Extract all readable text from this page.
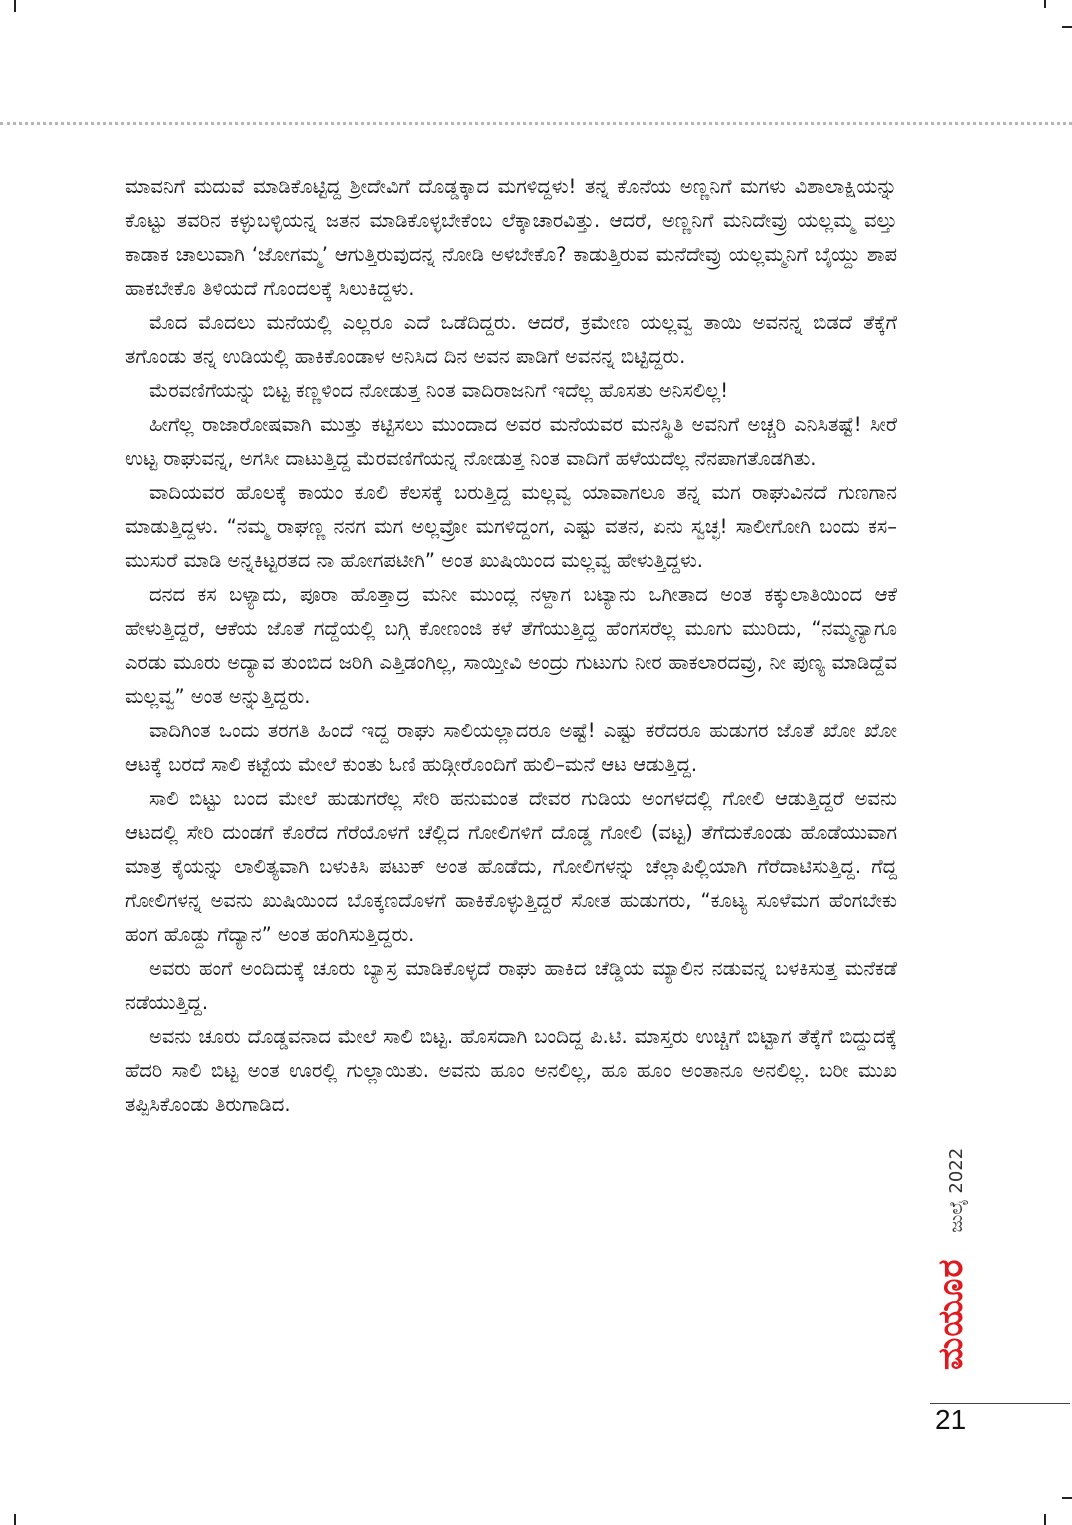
ಮಾವನಿಗೆ ಮದುವೆ ಮಾಡಿಕೊಟ್ಟಿದ್ದ ಶ್ರೀದೇವಿಗೆ ದೊಡ್ಡಕ್ಕಾದ ಮಗಳಿದ್ದಳು! ತನ್ನ ಕೊನೆಯ ಅಣ್ಣನಿಗೆ ಮಗಳು ವಿಶಾಲಾಕ್ಷಿಯನ್ನು ಕೊಟ್ಟು ತವರಿನ ಕಳ್ಳುಬಳ್ಳಿಯನ್ನ ಜತನ ಮಾಡಿಕೊಳ್ಳಬೇಕೆಂಬ ಲೆಕ್ಕಾಚಾರವಿತ್ತು. ಆದರೆ, ಅಣ್ಣನಿಗೆ ಮನಿದೇವ್ರು ಯಲ್ಲಮ್ಮ ವಲ್ತು ಕಾಡಾಕ ಚಾಲುವಾಗಿ ‘ಜೋಗಮ್ಮ’ ಆಗುತ್ತಿರುವುದನ್ನ ನೋಡಿ ಅಳಬೇಕೊ? ಕಾಡುತ್ತಿರುವ ಮನೆದೇವ್ರು ಯಲ್ಲಮ್ಮನಿಗೆ ಬೈಯ್ದು ಶಾಪ ಹಾಕಬೇಕೊ ತಿಳಿಯದೆ ಗೊಂದಲಕ್ಕೆ ಸಿಲುಕಿದ್ದಳು.

ಮೊದ ಮೊದಲು ಮನೆಯಲ್ಲಿ ಎಲ್ಲರೂ ಎದೆ ಒಡೆದಿದ್ದರು. ಆದರೆ, ಕ್ರಮೇಣ ಯಲ್ಲವ್ವ ತಾಯಿ ಅವನನ್ನ ಬಿಡದೆ ತೆಕ್ಕೆಗೆ ತಗೊಂಡು ತನ್ನ ಉಡಿಯಲ್ಲಿ ಹಾಕಿಕೊಂಡಾಳ ಅನಿಸಿದ ದಿನ ಅವನ ಪಾಡಿಗೆ ಅವನನ್ನ ಬಿಟ್ಟಿದ್ದರು.

ಮೆರವಣಿಗೆಯನ್ನು ಬಿಟ್ಟ ಕಣ್ಣಳಿಂದ ನೋಡುತ್ತ ನಿಂತ ವಾದಿರಾಜನಿಗೆ ಇದೆಲ್ಲ ಹೊಸತು ಅನಿಸಲಿಲ್ಲ!

ಹೀಗೆಲ್ಲ ರಾಜಾರೋಷವಾಗಿ ಮುತ್ತು ಕಟ್ಟಿಸಲು ಮುಂದಾದ ಅವರ ಮನೆಯವರ ಮನಸ್ಥಿತಿ ಅವನಿಗೆ ಅಚ್ಚರಿ ಎನಿಸಿತಷ್ಟೆ! ಸೀರೆ ಉಟ್ಟ ರಾಘುವನ್ನ, ಅಗಸೀ ದಾಟುತ್ತಿದ್ದ ಮೆರವಣಿಗೆಯನ್ನ ನೋಡುತ್ತ ನಿಂತ ವಾದಿಗೆ ಹಳೆಯದೆಲ್ಲ ನೆನಪಾಗತೊಡಗಿತು.

ವಾದಿಯವರ ಹೊಲಕ್ಕೆ ಕಾಯಂ ಕೂಲಿ ಕೆಲಸಕ್ಕೆ ಬರುತ್ತಿದ್ದ ಮಲ್ಲವ್ವ ಯಾವಾಗಲೂ ತನ್ನ ಮಗ ರಾಘುವಿನದೆ ಗುಣಗಾನ ಮಾಡುತ್ತಿದ್ದಳು. “ನಮ್ಮ ರಾಘಣ್ಣ ನನಗ ಮಗ ಅಲ್ಲವ್ರೋ ಮಗಳಿದ್ದಂಗ, ಎಷ್ಟು ವತನ, ಏನು ಸ್ವಚ್ಛ! ಸಾಲೀಗೋಗಿ ಬಂದು ಕಸ–ಮುಸುರೆ ಮಾಡಿ ಅನ್ನಕಿಟ್ಟರತದ ನಾ ಹೋಗಪಟೀಗಿ” ಅಂತ ಖುಷಿಯಿಂದ ಮಲ್ಲವ್ವ ಹೇಳುತ್ತಿದ್ದಳು.

ದನದ ಕಸ ಬಳ್ಯಾದು, ಪೂರಾ ಹೊತ್ತಾದ್ರ ಮನೀ ಮುಂದ್ಲ ನಳ್ದಾಗ ಬಟ್ಯಾನು ಒಗೀತಾದ ಅಂತ ಕಕ್ಕುಲಾತಿಯಿಂದ ಆಕೆ ಹೇಳುತ್ತಿದ್ದರೆ, ಆಕೆಯ ಜೊತೆ ಗದ್ದೆಯಲ್ಲಿ ಬಗ್ಗಿ ಕೋಣಂಜಿ ಕಳೆ ತೆಗೆಯುತ್ತಿದ್ದ ಹೆಂಗಸರೆಲ್ಲ ಮೂಗು ಮುರಿದು, “ನಮ್ಮನ್ಯಾಗೂ ಎರಡು ಮೂರು ಅದ್ಯಾವ ತುಂಬಿದ ಜರಿಗಿ ಎತ್ತಿಡಂಗಿಲ್ಲ, ಸಾಯ್ತೀವಿ ಅಂದ್ರು ಗುಟುಗು ನೀರ ಹಾಕಲಾರದವ್ರು, ನೀ ಪುಣ್ಯ ಮಾಡಿದ್ದೆವ ಮಲ್ಲವ್ವ” ಅಂತ ಅನ್ನುತ್ತಿದ್ದರು.

ವಾದಿಗಿಂತ ಒಂದು ತರಗತಿ ಹಿಂದೆ ಇದ್ದ ರಾಘು ಸಾಲಿಯಲ್ಲಾದರೂ ಅಷ್ಟೆ! ಎಷ್ಟು ಕರೆದರೂ ಹುಡುಗರ ಜೊತೆ ಖೋ ಖೋ ಆಟಕ್ಕೆ ಬರದೆ ಸಾಲಿ ಕಟ್ಟೆಯ ಮೇಲೆ ಕುಂತು ಓಣಿ ಹುಡ್ಗೀರೊಂದಿಗೆ ಹುಲಿ–ಮನೆ ಆಟ ಆಡುತ್ತಿದ್ದ.

ಸಾಲಿ ಬಿಟ್ಟು ಬಂದ ಮೇಲೆ ಹುಡುಗರೆಲ್ಲ ಸೇರಿ ಹನುಮಂತ ದೇವರ ಗುಡಿಯ ಅಂಗಳದಲ್ಲಿ ಗೋಲಿ ಆಡುತ್ತಿದ್ದರೆ ಅವನು ಆಟದಲ್ಲಿ ಸೇರಿ ದುಂಡಗೆ ಕೊರೆದ ಗೆರೆಯೊಳಗೆ ಚೆಲ್ಲಿದ ಗೋಲಿಗಳಿಗೆ ದೊಡ್ಡ ಗೋಲಿ (ವಟ್ಟ) ತೆಗೆದುಕೊಂಡು ಹೊಡೆಯುವಾಗ ಮಾತ್ರ ಕೈಯನ್ನು ಲಾಲಿತ್ಯವಾಗಿ ಬಳುಕಿಸಿ ಪಟುಕ್ ಅಂತ ಹೊಡೆದು, ಗೋಲಿಗಳನ್ನು ಚೆಲ್ಲಾಪಿಲ್ಲಿಯಾಗಿ ಗೆರೆದಾಟಿಸುತ್ತಿದ್ದ. ಗೆದ್ದ ಗೋಲಿಗಳನ್ನ ಅವನು ಖುಷಿಯಿಂದ ಬೊಕ್ಕಣದೊಳಗೆ ಹಾಕಿಕೊಳ್ಳುತ್ತಿದ್ದರೆ ಸೋತ ಹುಡುಗರು, “ಕೂಟ್ಯ ಸೂಳೆಮಗ ಹೆಂಗಬೇಕು ಹಂಗ ಹೊಡ್ದು ಗೆದ್ಯಾನ” ಅಂತ ಹಂಗಿಸುತ್ತಿದ್ದರು.

ಅವರು ಹಂಗೆ ಅಂದಿದುಕ್ಕೆ ಚೂರು ಬ್ಯಾಸ್ರ ಮಾಡಿಕೊಳ್ಳದೆ ರಾಘು ಹಾಕಿದ ಚೆಡ್ಡಿಯ ಮ್ಯಾಲಿನ ನಡುವನ್ನ ಬಳಕಿಸುತ್ತ ಮನೆಕಡೆ ನಡೆಯುತ್ತಿದ್ದ.

ಅವನು ಚೂರು ದೊಡ್ಡವನಾದ ಮೇಲೆ ಸಾಲಿ ಬಿಟ್ಟ. ಹೊಸದಾಗಿ ಬಂದಿದ್ದ ಪಿ.ಟಿ. ಮಾಸ್ತರು ಉಚ್ಚಿಗೆ ಬಿಟ್ಟಾಗ ತೆಕ್ಕೆಗೆ ಬಿದ್ದುದಕ್ಕೆ ಹೆದರಿ ಸಾಲಿ ಬಿಟ್ಟ ಅಂತ ಊರಲ್ಲಿ ಗುಲ್ಲಾಯಿತು. ಅವನು ಹೂಂ ಅನಲಿಲ್ಲ, ಹೂ ಹೂಂ ಅಂತಾನೂ ಅನಲಿಲ್ಲ. ಬರೀ ಮುಖ ತಪ್ಪಿಸಿಕೊಂಡು ತಿರುಗಾಡಿದ.

ಮಯೂರ
ಜುಲೈ 2022
21
